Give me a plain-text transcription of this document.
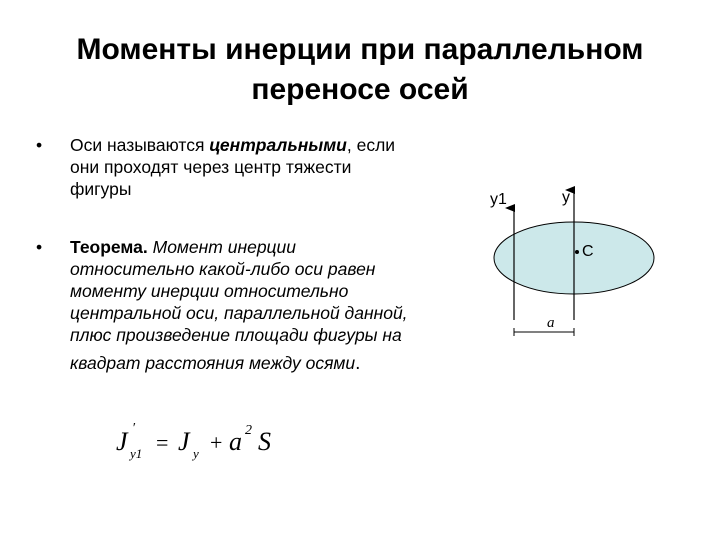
Моменты инерции при параллельном
переносе осей
•	Оси называются центральными, если
они проходят через центр тяжести
фигуры
•	Теорема. Момент инерции
относительно какой-либо оси равен
моменту инерции относительно
центральной оси, параллельной данной,
плюс произведение площади фигуры на
квадрат расстояния между осями.
J ′
y1 = J y + a 2 S
y1	y
C
a
